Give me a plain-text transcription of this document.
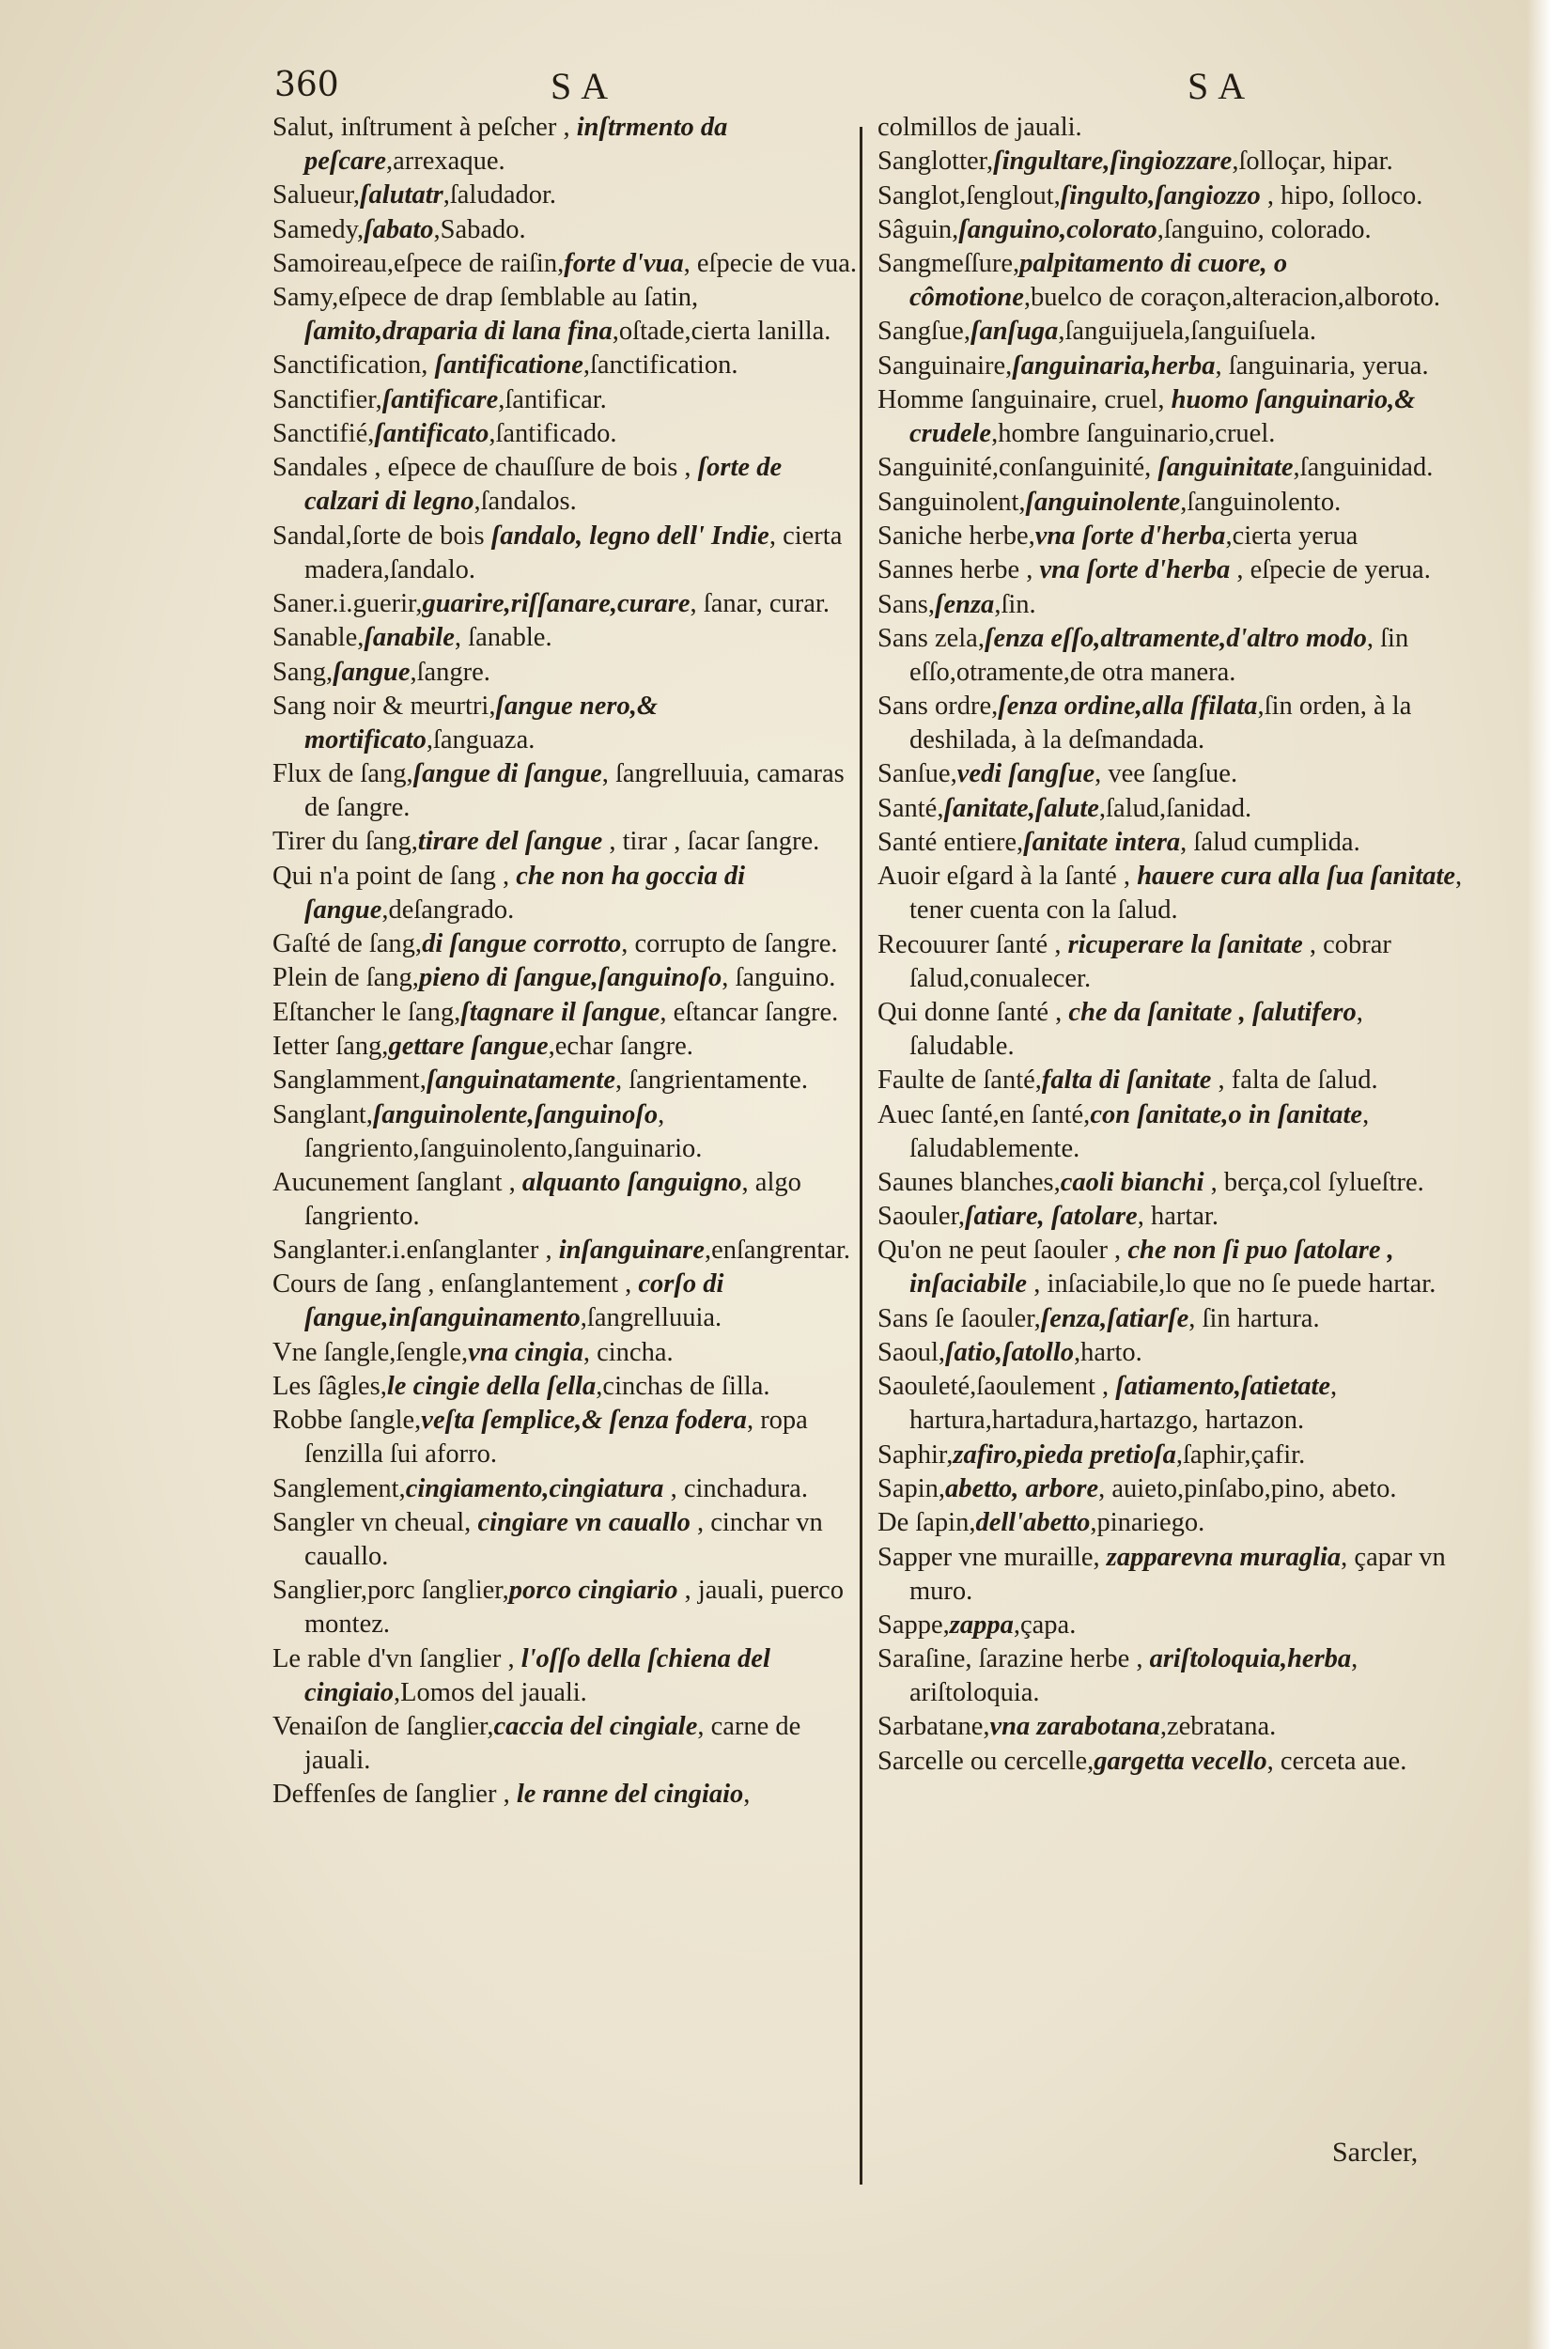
360	SA	SA

Salut, inſtrument à peſcher , inſtrmento da peſcare,arrexaque.

Salueur,ſalutatr,ſaludador.

Samedy,ſabato,Sabado.

Samoireau,eſpece de raiſin,forte d'vua, eſpecie de vua.

Samy,eſpece de drap ſemblable au ſatin, ſamito,draparia di lana fina,oſtade,cierta lanilla.

Sanctification, ſantificatione,ſanctification.

Sanctifier,ſantificare,ſantificar.

Sanctifié,ſantificato,ſantificado.

Sandales , eſpece de chauſſure de bois , ſorte de calzari di legno,ſandalos.

Sandal,ſorte de bois ſandalo, legno dell' Indie, cierta madera,ſandalo.

Saner.i.guerir,guarire,riſſanare,curare, ſanar, curar.

Sanable,ſanabile, ſanable.

Sang,ſangue,ſangre.

Sang noir & meurtri,ſangue nero,& mortificato,ſanguaza.

Flux de ſang,ſangue di ſangue, ſangrelluuia, camaras de ſangre.

Tirer du ſang,tirare del ſangue , tirar , ſacar ſangre.

Qui n'a point de ſang , che non ha goccia di ſangue,deſangrado.

Gaſté de ſang,di ſangue corrotto, corrupto de ſangre.

Plein de ſang,pieno di ſangue,ſanguinoſo, ſanguino.

Eſtancher le ſang,ſtagnare il ſangue, eſtancar ſangre.

Ietter ſang,gettare ſangue,echar ſangre.

Sanglamment,ſanguinatamente, ſangrientamente.

Sanglant,ſanguinolente,ſanguinoſo, ſangriento,ſanguinolento,ſanguinario.

Aucunement ſanglant , alquanto ſanguigno, algo ſangriento.

Sanglanter.i.enſanglanter , inſanguinare,enſangrentar.

Cours de ſang , enſanglantement , corſo di ſangue,inſanguinamento,ſangrelluuia.

Vne ſangle,ſengle,vna cingia, cincha.

Les ſâgles,le cingie della ſella,cinchas de ſilla.

Robbe ſangle,veſta ſemplice,& ſenza fodera, ropa ſenzilla ſui aforro.

Sanglement,cingiamento,cingiatura , cinchadura.

Sangler vn cheual, cingiare vn cauallo , cinchar vn cauallo.

Sanglier,porc ſanglier,porco cingiario , jauali, puerco montez.

Le rable d'vn ſanglier , l'oſſo della ſchiena del cingiaio,Lomos del jauali.

Venaiſon de ſanglier,caccia del cingiale, carne de jauali.

Deffenſes de ſanglier , le ranne del cingiaio,

colmillos de jauali.

Sanglotter,ſingultare,ſingiozzare,ſolloçar, hipar.

Sanglot,ſenglout,ſingulto,ſangiozzo , hipo, ſolloco.

Sâguin,ſanguino,colorato,ſanguino, colorado.

Sangmeſſure,palpitamento di cuore, o cômotione,buelco de coraçon,alteracion,alboroto.

Sangſue,ſanſuga,ſanguijuela,ſanguiſuela.

Sanguinaire,ſanguinaria,herba, ſanguinaria, yerua.

Homme ſanguinaire, cruel, huomo ſanguinario,& crudele,hombre ſanguinario,cruel.

Sanguinité,conſanguinité, ſanguinitate,ſanguinidad.

Sanguinolent,ſanguinolente,ſanguinolento.

Saniche herbe,vna ſorte d'herba,cierta yerua

Sannes herbe , vna ſorte d'herba , eſpecie de yerua.

Sans,ſenza,ſin.

Sans zela,ſenza eſſo,altramente,d'altro modo, ſin eſſo,otramente,de otra manera.

Sans ordre,ſenza ordine,alla ſfilata,ſin orden, à la deshilada, à la deſmandada.

Sanſue,vedi ſangſue, vee ſangſue.

Santé,ſanitate,ſalute,ſalud,ſanidad.

Santé entiere,ſanitate intera, ſalud cumplida.

Auoir eſgard à la ſanté , hauere cura alla ſua ſanitate, tener cuenta con la ſalud.

Recouurer ſanté , ricuperare la ſanitate , cobrar ſalud,conualecer.

Qui donne ſanté , che da ſanitate , ſalutifero, ſaludable.

Faulte de ſanté,falta di ſanitate , falta de ſalud.

Auec ſanté,en ſanté,con ſanitate,o in ſanitate, ſaludablemente.

Saunes blanches,caoli bianchi , berça,col ſylueſtre.

Saouler,ſatiare, ſatolare, hartar.

Qu'on ne peut ſaouler , che non ſi puo ſatolare , inſaciabile , inſaciabile,lo que no ſe puede hartar.

Sans ſe ſaouler,ſenza,ſatiarſe, ſin hartura.

Saoul,ſatio,ſatollo,harto.

Saouleté,ſaoulement , ſatiamento,ſatietate, hartura,hartadura,hartazgo, hartazon.

Saphir,zafiro,pieda pretioſa,ſaphir,çafir.

Sapin,abetto, arbore, auieto,pinſabo,pino, abeto.

De ſapin,dell'abetto,pinariego.

Sapper vne muraille, zapparevna muraglia, çapar vn muro.

Sappe,zappa,çapa.

Saraſine, ſarazine herbe , ariſtoloquia,herba, ariſtoloquia.

Sarbatane,vna zarabotana,zebratana.

Sarcelle ou cercelle,gargetta vecello, cerceta aue.

Sarcler,
